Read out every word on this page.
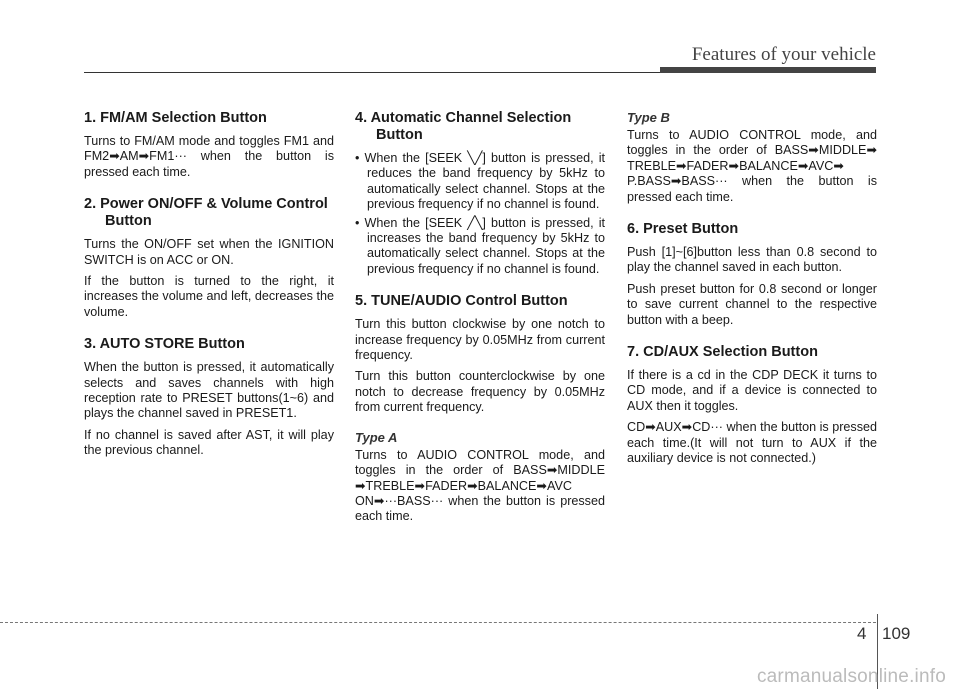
Features of your vehicle
1. FM/AM Selection Button

Turns to FM/AM mode and toggles FM1 and FM2➡AM➡FM1··· when the button is pressed each time.

2. Power ON/OFF & Volume Control Button

Turns the ON/OFF set when the IGNITION SWITCH is on ACC or ON.

If the button is turned to the right, it increases the volume and left, decreases the volume.

3. AUTO STORE Button

When the button is pressed, it automatically selects and saves channels with high reception rate to PRESET buttons(1~6) and plays the channel saved in PRESET1.

If no channel is saved after AST, it will play the previous channel.

4. Automatic Channel Selection Button
• When the [SEEK ╲╱] button is pressed, it reduces the band frequency by 5kHz to automatically select channel. Stops at the previous frequency if no channel is found.
• When the [SEEK ╱╲] button is pressed, it increases the band frequency by 5kHz to automatically select channel. Stops at the previous frequency if no channel is found.
5. TUNE/AUDIO Control Button

Turn this button clockwise by one notch to increase frequency by 0.05MHz from current frequency.

Turn this button counterclockwise by one notch to decrease frequency by 0.05MHz from current frequency.

Type A

Turns to AUDIO CONTROL mode, and toggles in the order of BASS➡MIDDLE ➡TREBLE➡FADER➡BALANCE➡AVC ON➡···BASS··· when the button is pressed each time.

Type B

Turns to AUDIO CONTROL mode, and toggles in the order of BASS➡MIDDLE➡ TREBLE➡FADER➡BALANCE➡AVC➡ P.BASS➡BASS··· when the button is pressed each time.

6. Preset Button

Push [1]~[6]button less than 0.8 second to play the channel saved in each button.

Push preset button for 0.8 second or longer to save current channel to the respective button with a beep.

7. CD/AUX Selection Button

If there is a cd in the CDP DECK it turns to CD mode, and if a device is connected to AUX then it toggles.

CD➡AUX➡CD··· when the button is pressed each time.(It will not turn to AUX if the auxiliary device is not connected.)

4 109
carmanualsonline.info
